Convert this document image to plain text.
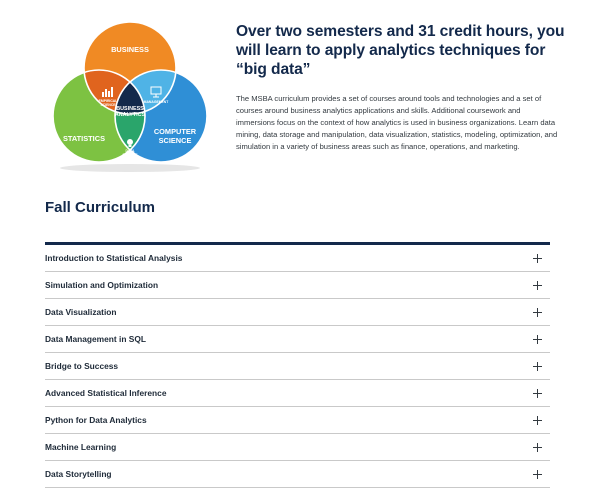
BUSINESS
STATISTICS
COMPUTER
SCIENCE
BUSINESS
ANALYTICS
EMPIRICAL
SCIENCE
MANAGEMENT
DATA
SCIENCE
Over two semesters and 31 credit hours, you will learn to apply analytics techniques for “big data”

The MSBA curriculum provides a set of courses around tools and technologies and a set of courses around business analytics applications and skills. Additional coursework and immersions focus on the context of how analytics is used in business organizations. Learn data mining, data storage and manipulation, data visualization, statistics, modeling, optimization, and simulation in a variety of business areas such as finance, operations, and marketing.

Fall Curriculum
Introduction to Statistical Analysis
Simulation and Optimization
Data Visualization
Data Management in SQL
Bridge to Success
Advanced Statistical Inference
Python for Data Analytics
Machine Learning
Data Storytelling
